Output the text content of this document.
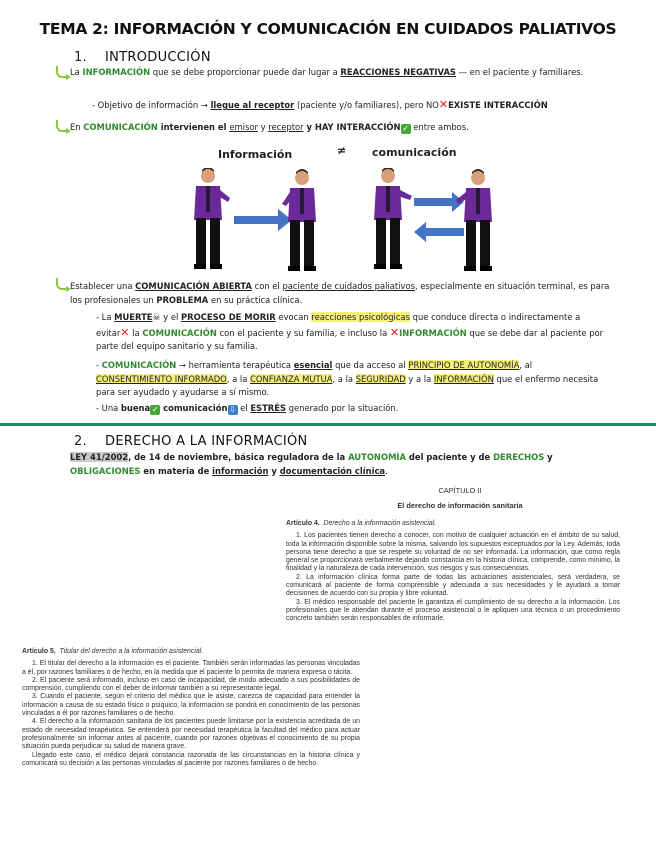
TEMA 2: INFORMACIÓN Y COMUNICACIÓN EN CUIDADOS PALIATIVOS
1. INTRODUCCIÓN
La INFORMACIÓN que se debe proporcionar puede dar lugar a REACCIONES NEGATIVAS — en el paciente y familiares.
- Objetivo de información → llegue al receptor (paciente y/o familiares), pero NO✕EXISTE INTERACCIÓN
En COMUNICACIÓN intervienen el emisor y receptor y HAY INTERACCIÓN ✓ entre ambos.
Información	≠ comunicación
Establecer una COMUNICACIÓN ABIERTA con el paciente de cuidados paliativos, especialmente en situación terminal, es para los profesionales un PROBLEMA en su práctica clínica.
- La MUERTE☠ y el PROCESO DE MORIR evocan reacciones psicológicas que conduce directa o indirectamente a evitar✕ la COMUNICACIÓN con el paciente y su familia, e incluso la ✕INFORMACIÓN que se debe dar al paciente por parte del equipo sanitario y su familia.
- COMUNICACIÓN → herramienta terapéutica esencial que da acceso al PRINCIPIO DE AUTONOMÍA, al CONSENTIMIENTO INFORMADO, a la CONFIANZA MUTUA, a la SEGURIDAD y a la INFORMACIÓN que el enfermo necesita para ser ayudado y ayudarse a sí mismo.
- Una buena ✓ comunicación ⇩ el ESTRÉS generado por la situación.
2. DERECHO A LA INFORMACIÓN
LEY 41/2002, de 14 de noviembre, básica reguladora de la AUTONOMÍA del paciente y de DERECHOS y OBLIGACIONES en materia de información y documentación clínica.
CAPÍTULO II
El derecho de información sanitaria
Artículo 4. Derecho a la información asistencial.

1. Los pacientes tienen derecho a conocer, con motivo de cualquier actuación en el ámbito de su salud, toda la información disponible sobre la misma, salvando los supuestos exceptuados por la Ley. Además, toda persona tiene derecho a que se respete su voluntad de no ser informada. La información, que como regla general se proporcionará verbalmente dejando constancia en la historia clínica, comprende, como mínimo, la finalidad y la naturaleza de cada intervención, sus riesgos y sus consecuencias.

2. La información clínica forma parte de todas las actuaciones asistenciales, será verdadera, se comunicará al paciente de forma comprensible y adecuada a sus necesidades y le ayudará a tomar decisiones de acuerdo con su propia y libre voluntad.

3. El médico responsable del paciente le garantiza el cumplimiento de su derecho a la información. Los profesionales que le atiendan durante el proceso asistencial o le apliquen una técnica o un procedimiento concreto también serán responsables de informarle.

Artículo 5. Titular del derecho a la información asistencial.

1. El titular del derecho a la información es el paciente. También serán informadas las personas vinculadas a él, por razones familiares o de hecho, en la medida que el paciente lo permita de manera expresa o tácita.

2. El paciente será informado, incluso en caso de incapacidad, de modo adecuado a sus posibilidades de comprensión, cumpliendo con el deber de informar también a su representante legal.

3. Cuando el paciente, según el criterio del médico que le asiste, carezca de capacidad para entender la información a causa de su estado físico o psíquico, la información se pondrá en conocimiento de las personas vinculadas a él por razones familiares o de hecho.

4. El derecho a la información sanitaria de los pacientes puede limitarse por la existencia acreditada de un estado de necesidad terapéutica. Se entenderá por necesidad terapéutica la facultad del médico para actuar profesionalmente sin informar antes al paciente, cuando por razones objetivas el conocimiento de su propia situación pueda perjudicar su salud de manera grave.

Llegado este caso, el médico dejará constancia razonada de las circunstancias en la historia clínica y comunicará su decisión a las personas vinculadas al paciente por razones familiares o de hecho.
